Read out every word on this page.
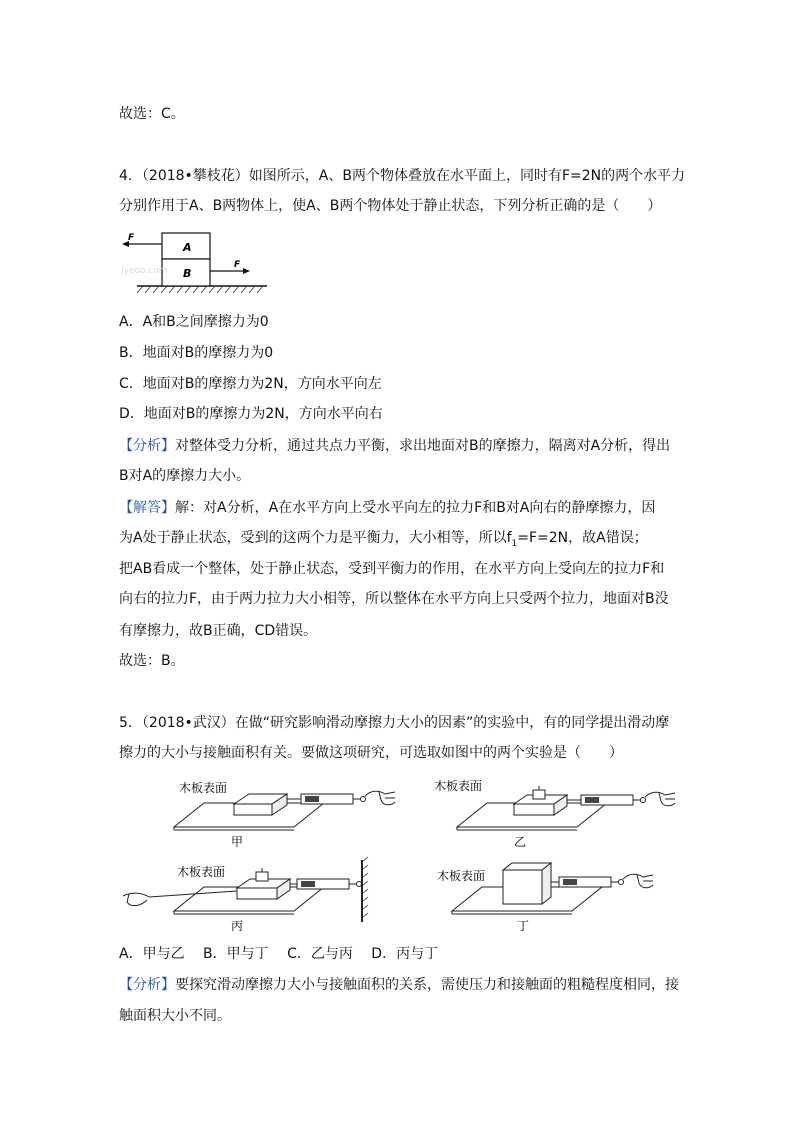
故选：C。
4．（2018•攀枝花）如图所示，A、B两个物体叠放在水平面上，同时有F=2N的两个水平力
分别作用于A、B两物体上，使A、B两个物体处于静止状态，下列分析正确的是（　　）
A
B
Iyeoo.com
F
F
A．A和B之间摩擦力为0
B．地面对B的摩擦力为0
C．地面对B的摩擦力为2N，方向水平向左
D．地面对B的摩擦力为2N，方向水平向右
【分析】对整体受力分析，通过共点力平衡，求出地面对B的摩擦力，隔离对A分析，得出
B对A的摩擦力大小。
【解答】解：对A分析，A在水平方向上受水平向左的拉力F和B对A向右的静摩擦力，因
为A处于静止状态，受到的这两个力是平衡力，大小相等，所以$f_1=F=2N$，故A错误；
把AB看成一个整体，处于静止状态，受到平衡力的作用，在水平方向上受向左的拉力F和
向右的拉力F，由于两力拉力大小相等，所以整体在水平方向上只受两个拉力，地面对B没
有摩擦力，故B正确，CD错误。
故选：B。
5．（2018•武汉）在做“研究影响滑动摩擦力大小的因素”的实验中，有的同学提出滑动摩
擦力的大小与接触面积有关。要做这项研究，可选取如图中的两个实验是（　　）
木板表面
甲
木板表面
乙
木板表面
丙
木板表面
丁
A．甲与乙　 B．甲与丁　 C．乙与丙　 D．丙与丁
【分析】要探究滑动摩擦力大小与接触面积的关系，需使压力和接触面的粗糙程度相同，接
触面积大小不同。
